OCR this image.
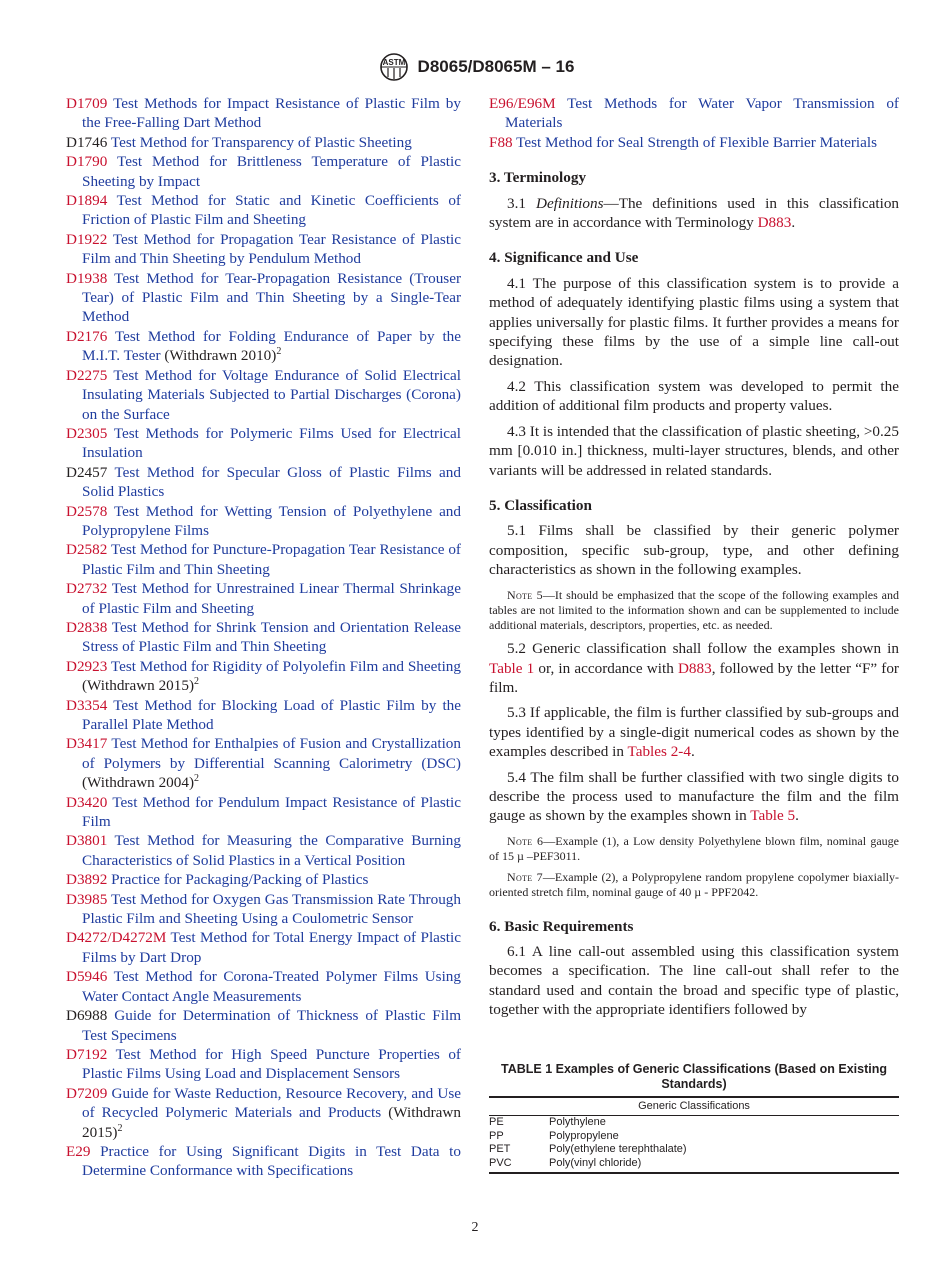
ASTM D8065/D8065M – 16

D1709 Test Methods for Impact Resistance of Plastic Film by the Free-Falling Dart Method

D1746 Test Method for Transparency of Plastic Sheeting

D1790 Test Method for Brittleness Temperature of Plastic Sheeting by Impact

D1894 Test Method for Static and Kinetic Coefficients of Friction of Plastic Film and Sheeting

D1922 Test Method for Propagation Tear Resistance of Plastic Film and Thin Sheeting by Pendulum Method

D1938 Test Method for Tear-Propagation Resistance (Trouser Tear) of Plastic Film and Thin Sheeting by a Single-Tear Method

D2176 Test Method for Folding Endurance of Paper by the M.I.T. Tester (Withdrawn 2010)$^2$

D2275 Test Method for Voltage Endurance of Solid Electrical Insulating Materials Subjected to Partial Discharges (Corona) on the Surface

D2305 Test Methods for Polymeric Films Used for Electrical Insulation

D2457 Test Method for Specular Gloss of Plastic Films and Solid Plastics

D2578 Test Method for Wetting Tension of Polyethylene and Polypropylene Films

D2582 Test Method for Puncture-Propagation Tear Resistance of Plastic Film and Thin Sheeting

D2732 Test Method for Unrestrained Linear Thermal Shrinkage of Plastic Film and Sheeting

D2838 Test Method for Shrink Tension and Orientation Release Stress of Plastic Film and Thin Sheeting

D2923 Test Method for Rigidity of Polyolefin Film and Sheeting (Withdrawn 2015)$^2$

D3354 Test Method for Blocking Load of Plastic Film by the Parallel Plate Method

D3417 Test Method for Enthalpies of Fusion and Crystallization of Polymers by Differential Scanning Calorimetry (DSC) (Withdrawn 2004)$^2$

D3420 Test Method for Pendulum Impact Resistance of Plastic Film

D3801 Test Method for Measuring the Comparative Burning Characteristics of Solid Plastics in a Vertical Position

D3892 Practice for Packaging/Packing of Plastics

D3985 Test Method for Oxygen Gas Transmission Rate Through Plastic Film and Sheeting Using a Coulometric Sensor

D4272/D4272M Test Method for Total Energy Impact of Plastic Films by Dart Drop

D5946 Test Method for Corona-Treated Polymer Films Using Water Contact Angle Measurements

D6988 Guide for Determination of Thickness of Plastic Film Test Specimens

D7192 Test Method for High Speed Puncture Properties of Plastic Films Using Load and Displacement Sensors

D7209 Guide for Waste Reduction, Resource Recovery, and Use of Recycled Polymeric Materials and Products (Withdrawn 2015)$^2$

E29 Practice for Using Significant Digits in Test Data to Determine Conformance with Specifications

E96/E96M Test Methods for Water Vapor Transmission of Materials

F88 Test Method for Seal Strength of Flexible Barrier Materials

3. Terminology

3.1 Definitions—The definitions used in this classification system are in accordance with Terminology D883.

4. Significance and Use

4.1 The purpose of this classification system is to provide a method of adequately identifying plastic films using a system that applies universally for plastic films. It further provides a means for specifying these films by the use of a simple line call-out designation.

4.2 This classification system was developed to permit the addition of additional film products and property values.

4.3 It is intended that the classification of plastic sheeting, >0.25 mm [0.010 in.] thickness, multi-layer structures, blends, and other variants will be addressed in related standards.

5. Classification

5.1 Films shall be classified by their generic polymer composition, specific sub-group, type, and other defining characteristics as shown in the following examples.

Note 5—It should be emphasized that the scope of the following examples and tables are not limited to the information shown and can be supplemented to include additional materials, descriptors, properties, etc. as needed.

5.2 Generic classification shall follow the examples shown in Table 1 or, in accordance with D883, followed by the letter “F” for film.

5.3 If applicable, the film is further classified by sub-groups and types identified by a single-digit numerical codes as shown by the examples described in Tables 2-4.

5.4 The film shall be further classified with two single digits to describe the process used to manufacture the film and the film gauge as shown by the examples shown in Table 5.

Note 6—Example (1), a Low density Polyethylene blown film, nominal gauge of 15 µ –PEF3011.

Note 7—Example (2), a Polypropylene random propylene copolymer biaxially-oriented stretch film, nominal gauge of 40 µ - PPF2042.

6. Basic Requirements

6.1 A line call-out assembled using this classification system becomes a specification. The line call-out shall refer to the standard used and contain the broad and specific type of plastic, together with the appropriate identifiers followed by

TABLE 1 Examples of Generic Classifications (Based on Existing Standards)
Generic Classifications	
PE	Polythylene
PP	Polypropylene
PET	Poly(ethylene terephthalate)
PVC	Poly(vinyl chloride)
2
